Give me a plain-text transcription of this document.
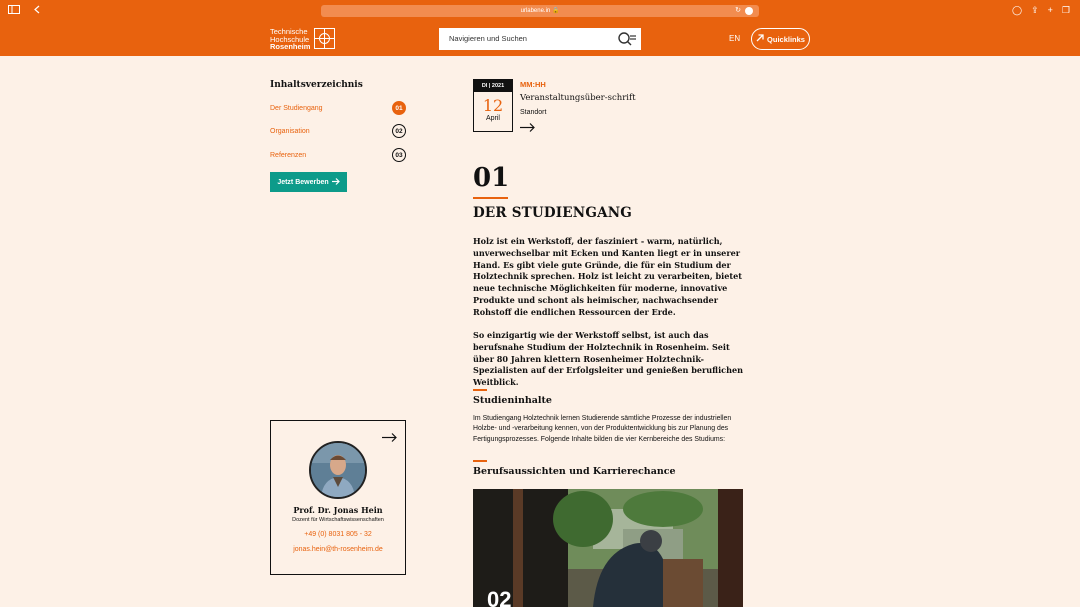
urlabene.in 🔒	↻	◯ ⇪ + ❐
Technische
Hochschule
Rosenheim
Navigieren und Suchen	EN	Quicklinks
Inhaltsverzeichnis
Der Studiengang	01
Organisation	02
Referenzen	03
Jetzt Bewerben
Prof. Dr. Jonas Hein
Dozent für Wirtschaftswissenschaften
+49 (0) 8031 805 - 32
jonas.hein@th-rosenheim.de
DI | 2021
12
April
MM:HH
Veranstaltungsüber-schrift
Standort
01
DER STUDIENGANG
Holz ist ein Werkstoff, der fasziniert - warm, natürlich, unverwechselbar mit Ecken und Kanten liegt er in unserer Hand. Es gibt viele gute Gründe, die für ein Studium der Holztechnik sprechen. Holz ist leicht zu verarbeiten, bietet neue technische Möglichkeiten für moderne, innovative Produkte und schont als heimischer, nachwachsender Rohstoff die endlichen Ressourcen der Erde.
So einzigartig wie der Werkstoff selbst, ist auch das berufsnahe Studium der Holztechnik in Rosenheim. Seit über 80 Jahren klettern Rosenheimer Holztechnik-Spezialisten auf der Erfolgsleiter und genießen beruflichen Weitblick.
Studieninhalte
Im Studiengang Holztechnik lernen Studierende sämtliche Prozesse der industriellen Holzbe- und -verarbeitung kennen, von der Produktentwicklung bis zur Planung des Fertigungsprozesses. Folgende Inhalte bilden die vier Kernbereiche des Studiums:
Berufsaussichten und Karrierechance
02
